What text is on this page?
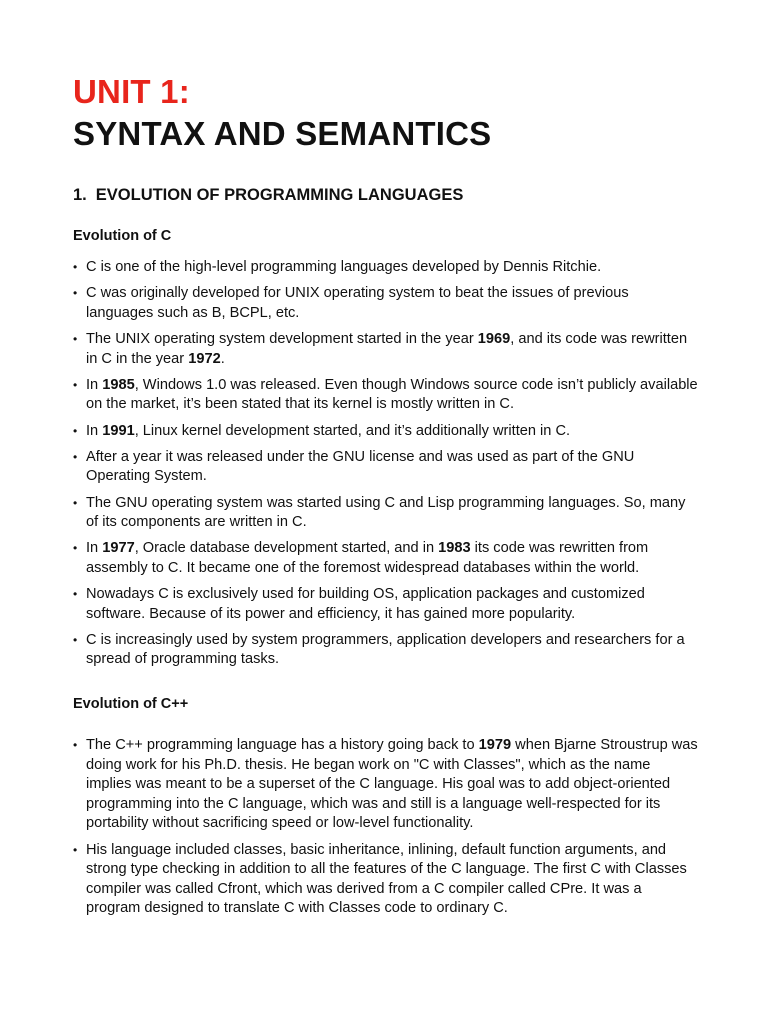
UNIT 1:
SYNTAX AND SEMANTICS
1. EVOLUTION OF PROGRAMMING LANGUAGES
Evolution of C
• C is one of the high-level programming languages developed by Dennis Ritchie.
• C was originally developed for UNIX operating system to beat the issues of previous languages such as B, BCPL, etc.
• The UNIX operating system development started in the year 1969, and its code was rewritten in C in the year 1972.
• In 1985, Windows 1.0 was released. Even though Windows source code isn’t publicly available on the market, it’s been stated that its kernel is mostly written in C.
• In 1991, Linux kernel development started, and it’s additionally written in C.
• After a year it was released under the GNU license and was used as part of the GNU Operating System.
• The GNU operating system was started using C and Lisp programming languages. So, many of its components are written in C.
• In 1977, Oracle database development started, and in 1983 its code was rewritten from assembly to C. It became one of the foremost widespread databases within the world.
• Nowadays C is exclusively used for building OS, application packages and customized software. Because of its power and efficiency, it has gained more popularity.
• C is increasingly used by system programmers, application developers and researchers for a spread of programming tasks.
Evolution of C++
• The C++ programming language has a history going back to 1979 when Bjarne Stroustrup was doing work for his Ph.D. thesis. He began work on "C with Classes", which as the name implies was meant to be a superset of the C language. His goal was to add object-oriented programming into the C language, which was and still is a language well-respected for its portability without sacrificing speed or low-level functionality.
• His language included classes, basic inheritance, inlining, default function arguments, and strong type checking in addition to all the features of the C language. The first C with Classes compiler was called Cfront, which was derived from a C compiler called CPre. It was a program designed to translate C with Classes code to ordinary C.
